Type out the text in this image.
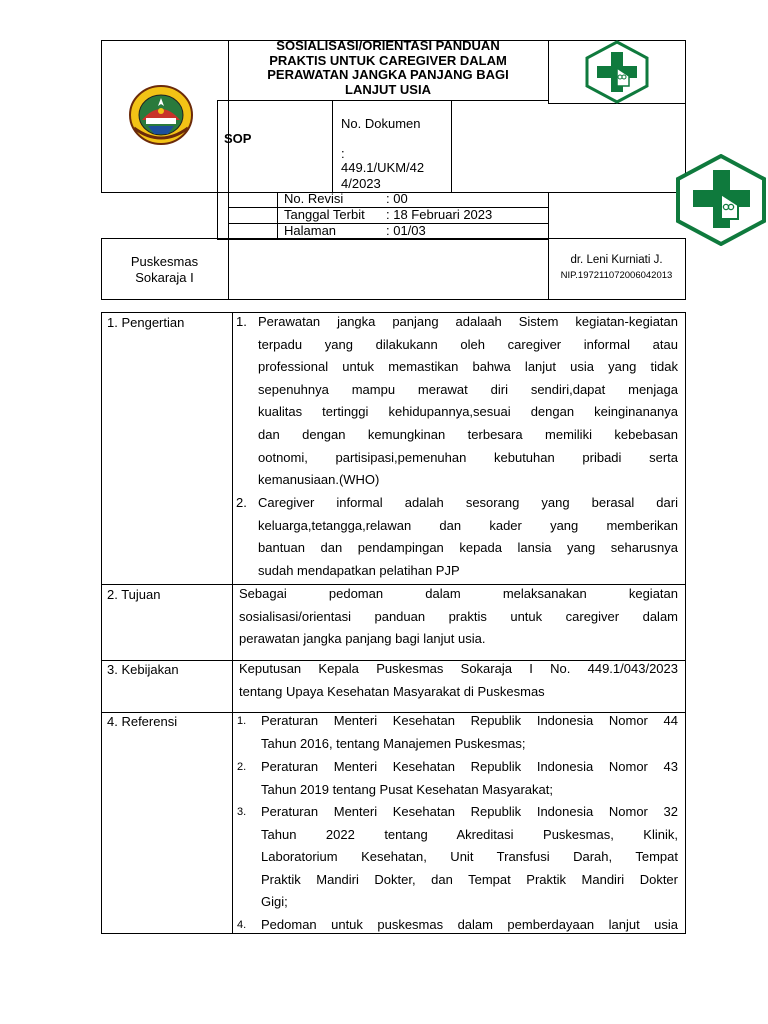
SOSIALISASI/ORIENTASI PANDUAN
PRAKTIS UNTUK CAREGIVER DALAM
PERAWATAN JANGKA PANJANG BAGI
LANJUT USIA
SOP
No. Dokumen
:
449.1/UKM/42
4/2023
No. Revisi	: 00
Tanggal Terbit : 18 Februari 2023
Halaman	: 01/03
Puskesmas
Sokaraja I
dr. Leni Kurniati J.
NIP.197211072006042013
1. Pengertian	1. Perawatan jangka panjang adalaah Sistem kegiatan-kegiatan
terpadu yang dilakukann oleh caregiver informal atau
professional untuk memastikan bahwa lanjut usia yang tidak
sepenuhnya mampu merawat diri sendiri,dapat menjaga
kualitas tertinggi kehidupannya,sesuai dengan keinginananya
dan dengan kemungkinan terbesara memiliki kebebasan
ootnomi, partisipasi,pemenuhan kebutuhan pribadi serta
kemanusiaan.(WHO)
2. Caregiver informal adalah sesorang yang berasal dari
keluarga,tetangga,relawan dan kader yang memberikan
bantuan dan pendampingan kepada lansia yang seharusnya
sudah mendapatkan pelatihan PJP
2. Tujuan	Sebagai pedoman dalam melaksanakan kegiatan
sosialisasi/orientasi panduan praktis untuk caregiver dalam
perawatan jangka panjang bagi lanjut usia.
3. Kebijakan	Keputusan Kepala Puskesmas Sokaraja I No. 449.1/043/2023
tentang Upaya Kesehatan Masyarakat di Puskesmas
4. Referensi	1. Peraturan Menteri Kesehatan Republik Indonesia Nomor 44
Tahun 2016, tentang Manajemen Puskesmas;
2. Peraturan Menteri Kesehatan Republik Indonesia Nomor 43
Tahun 2019 tentang Pusat Kesehatan Masyarakat;
3. Peraturan Menteri Kesehatan Republik Indonesia Nomor 32
Tahun 2022 tentang Akreditasi Puskesmas, Klinik,
Laboratorium Kesehatan, Unit Transfusi Darah, Tempat
Praktik Mandiri Dokter, dan Tempat Praktik Mandiri Dokter
Gigi;
4. Pedoman untuk puskesmas dalam pemberdayaan lanjut usia
